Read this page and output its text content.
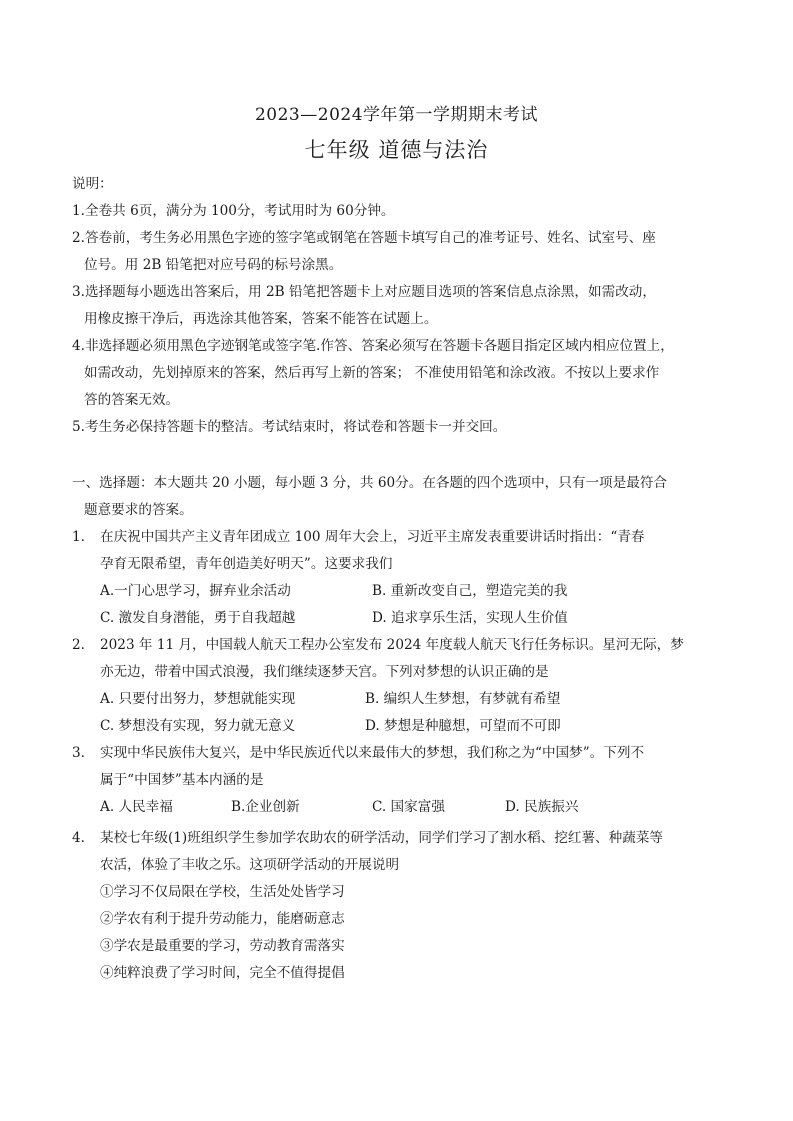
2023—2024学年第一学期期末考试
七年级 道德与法治
说明：
1.全卷共 6页，满分为 100分，考试用时为 60分钟。
2.答卷前，考生务必用黑色字迹的签字笔或钢笔在答题卡填写自己的准考证号、姓名、试室号、座
位号。用 2B 铅笔把对应号码的标号涂黑。
3.选择题每小题选出答案后，用 2B 铅笔把答题卡上对应题目选项的答案信息点涂黑，如需改动，
用橡皮擦干净后，再选涂其他答案，答案不能答在试题上。
4.非选择题必须用黑色字迹钢笔或签字笔.作答、答案必须写在答题卡各题目指定区域内相应位置上，
如需改动，先划掉原来的答案，然后再写上新的答案； 不准使用铅笔和涂改液。不按以上要求作
答的答案无效。
5.考生务必保持答题卡的整洁。考试结束时，将试卷和答题卡一并交回。
一、选择题：本大题共 20 小题，每小题 3 分，共 60分。在各题的四个选项中，只有一项是最符合
题意要求的答案。
1. 在庆祝中国共产主义青年团成立 100 周年大会上，习近平主席发表重要讲话时指出：“青春
孕育无限希望，青年创造美好明天”。这要求我们
A.一门心思学习，摒弃业余活动	B. 重新改变自己，塑造完美的我
C. 激发自身潜能，勇于自我超越	D. 追求享乐生活，实现人生价值
2. 2023 年 11 月，中国载人航天工程办公室发布 2024 年度载人航天飞行任务标识。星河无际，梦
亦无边，带着中国式浪漫，我们继续逐梦天宫。下列对梦想的认识正确的是
A. 只要付出努力，梦想就能实现	B. 编织人生梦想，有梦就有希望
C. 梦想没有实现，努力就无意义	D. 梦想是种臆想，可望而不可即
3. 实现中华民族伟大复兴，是中华民族近代以来最伟大的梦想，我们称之为“中国梦”。下列不
属于“中国梦”基本内涵的是
A. 人民幸福	B.企业创新	C. 国家富强	D. 民族振兴
4. 某校七年级(1)班组织学生参加学农助农的研学活动，同学们学习了割水稻、挖红薯、种蔬菜等
农活，体验了丰收之乐。这项研学活动的开展说明
①学习不仅局限在学校，生活处处皆学习
②学农有利于提升劳动能力，能磨砺意志
③学农是最重要的学习，劳动教育需落实
④纯粹浪费了学习时间，完全不值得提倡
